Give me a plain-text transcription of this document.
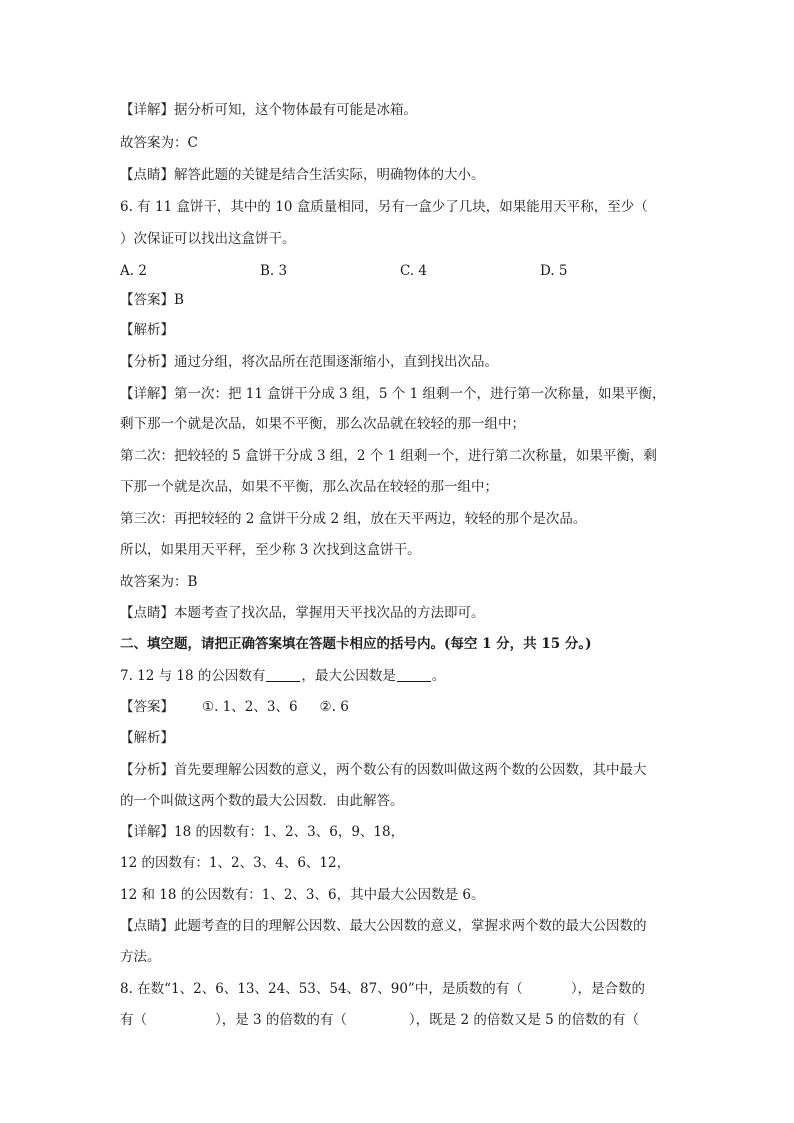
【详解】据分析可知，这个物体最有可能是冰箱。
故答案为：C
【点睛】解答此题的关键是结合生活实际，明确物体的大小。
6. 有 11 盒饼干，其中的 10 盒质量相同，另有一盒少了几块，如果能用天平称，至少（
）次保证可以找出这盒饼干。
A. 2	B. 3	C. 4	D. 5
【答案】B
【解析】
【分析】通过分组，将次品所在范围逐渐缩小，直到找出次品。
【详解】第一次：把 11 盒饼干分成 3 组，5 个 1 组剩一个，进行第一次称量，如果平衡，
剩下那一个就是次品，如果不平衡，那么次品就在较轻的那一组中；
第二次：把较轻的 5 盒饼干分成 3 组，2 个 1 组剩一个，进行第二次称量，如果平衡，剩
下那一个就是次品，如果不平衡，那么次品在较轻的那一组中；
第三次：再把较轻的 2 盒饼干分成 2 组，放在天平两边，较轻的那个是次品。
所以，如果用天平秤，至少称 3 次找到这盒饼干。
故答案为：B
【点睛】本题考查了找次品，掌握用天平找次品的方法即可。
二、填空题，请把正确答案填在答题卡相应的括号内。(每空 1 分，共 15 分。)
7. 12 与 18 的公因数有	，最大公因数是	。
【答案】 ①. 1、2、3、6 ②. 6
【解析】
【分析】首先要理解公因数的意义，两个数公有的因数叫做这两个数的公因数，其中最大
的一个叫做这两个数的最大公因数．由此解答。
【详解】18 的因数有：1、2、3、6，9、18，
12 的因数有：1、2、3、4、6、12，
12 和 18 的公因数有：1、2、3、6，其中最大公因数是 6。
【点睛】此题考查的目的理解公因数、最大公因数的意义，掌握求两个数的最大公因数的
方法。
8. 在数“1、2、6、13、24、53、54、87、90”中，是质数的有（	），是合数的
有（	），是 3 的倍数的有（	），既是 2 的倍数又是 5 的倍数的有（
